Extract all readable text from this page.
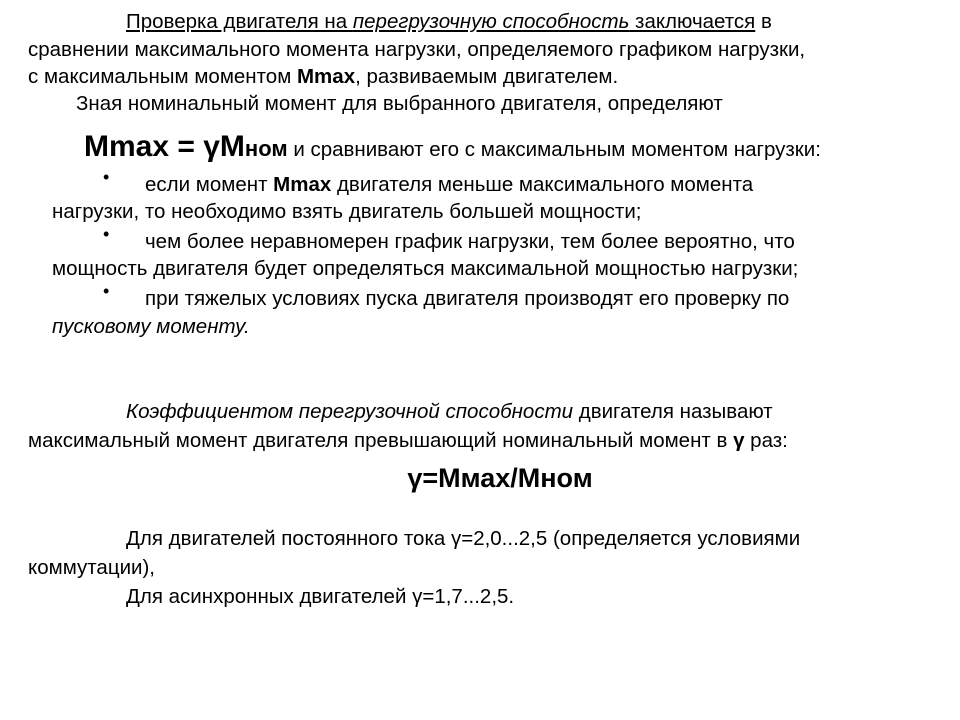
Проверка двигателя на перегрузочную способность заключается в
сравнении максимального момента нагрузки, определяемого графиком нагрузки,
с максимальным моментом Mmax, развиваемым двигателем.
Зная номинальный момент для выбранного двигателя, определяют
Mmax = γMном и сравнивают его с максимальным моментом нагрузки:
• если момент Mmax двигателя меньше максимального момента
нагрузки, то необходимо взять двигатель большей мощности;
• чем более неравномерен график нагрузки, тем более вероятно, что
мощность двигателя будет определяться максимальной мощностью нагрузки;
• при тяжелых условиях пуска двигателя производят его проверку по
пусковому моменту.
Коэффициентом перегрузочной способности двигателя называют
максимальный момент двигателя превышающий номинальный момент в γ раз:
γ=Mмах/Mном
Для двигателей постоянного тока γ=2,0...2,5 (определяется условиями
коммутации),
Для асинхронных двигателей γ=1,7...2,5.
